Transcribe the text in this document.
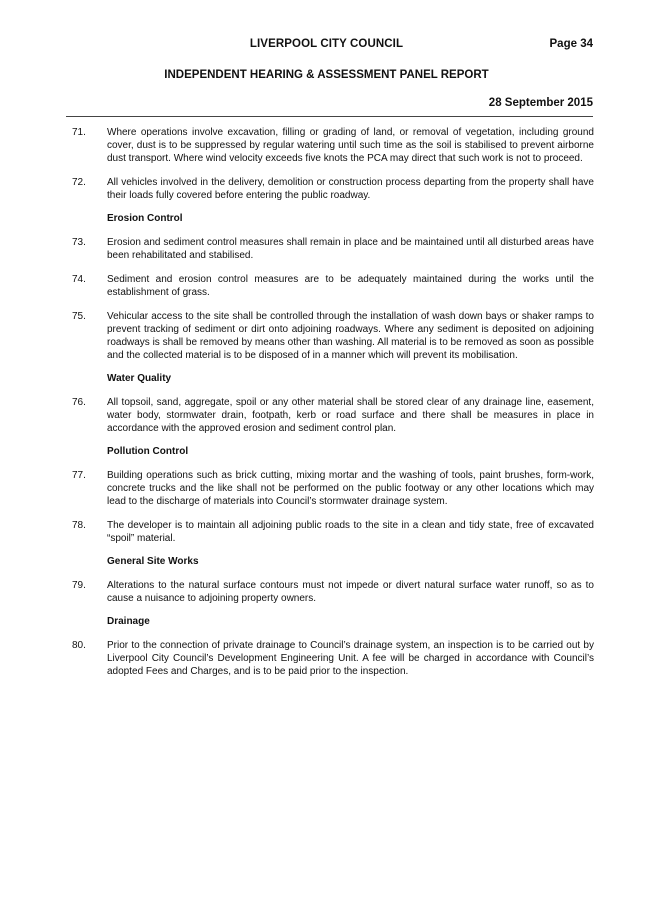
LIVERPOOL CITY COUNCIL	Page 34
INDEPENDENT HEARING & ASSESSMENT PANEL REPORT
28 September 2015
71.	Where operations involve excavation, filling or grading of land, or removal of vegetation, including ground cover, dust is to be suppressed by regular watering until such time as the soil is stabilised to prevent airborne dust transport. Where wind velocity exceeds five knots the PCA may direct that such work is not to proceed.
72.	All vehicles involved in the delivery, demolition or construction process departing from the property shall have their loads fully covered before entering the public roadway.
Erosion Control
73.	Erosion and sediment control measures shall remain in place and be maintained until all disturbed areas have been rehabilitated and stabilised.
74.	Sediment and erosion control measures are to be adequately maintained during the works until the establishment of grass.
75.	Vehicular access to the site shall be controlled through the installation of wash down bays or shaker ramps to prevent tracking of sediment or dirt onto adjoining roadways. Where any sediment is deposited on adjoining roadways is shall be removed by means other than washing. All material is to be removed as soon as possible and the collected material is to be disposed of in a manner which will prevent its mobilisation.
Water Quality
76.	All topsoil, sand, aggregate, spoil or any other material shall be stored clear of any drainage line, easement, water body, stormwater drain, footpath, kerb or road surface and there shall be measures in place in accordance with the approved erosion and sediment control plan.
Pollution Control
77.	Building operations such as brick cutting, mixing mortar and the washing of tools, paint brushes, form-work, concrete trucks and the like shall not be performed on the public footway or any other locations which may lead to the discharge of materials into Council’s stormwater drainage system.
78.	The developer is to maintain all adjoining public roads to the site in a clean and tidy state, free of excavated “spoil” material.
General Site Works
79.	Alterations to the natural surface contours must not impede or divert natural surface water runoff, so as to cause a nuisance to adjoining property owners.
Drainage
80.	Prior to the connection of private drainage to Council’s drainage system, an inspection is to be carried out by Liverpool City Council’s Development Engineering Unit. A fee will be charged in accordance with Council’s adopted Fees and Charges, and is to be paid prior to the inspection.
